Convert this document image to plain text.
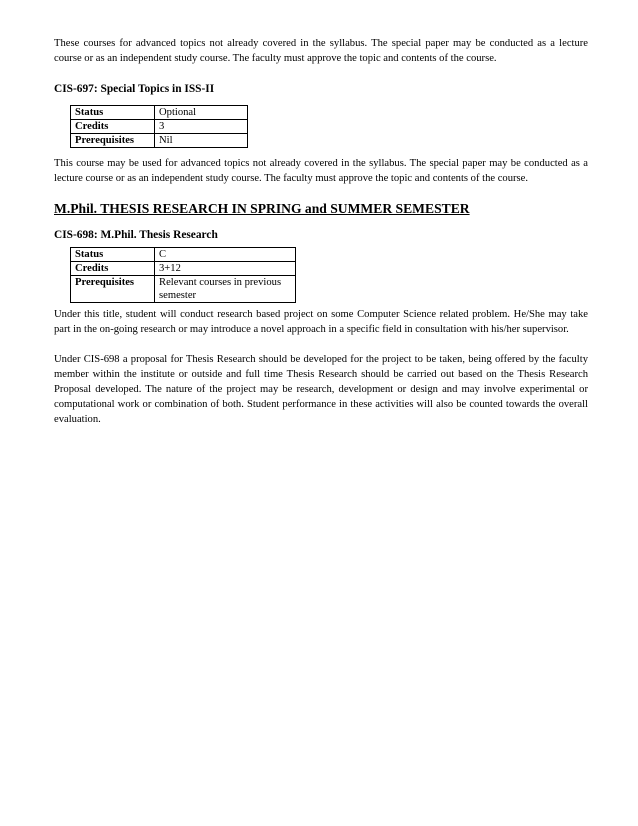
These courses for advanced topics not already covered in the syllabus. The special paper may be conducted as a lecture course or as an independent study course. The faculty must approve the topic and contents of the course.

CIS-697: Special Topics in ISS-II
Status	Optional
Credits	3
Prerequisites	Nil

This course may be used for advanced topics not already covered in the syllabus. The special paper may be conducted as a lecture course or as an independent study course. The faculty must approve the topic and contents of the course.

M.Phil. THESIS RESEARCH IN SPRING and SUMMER SEMESTER
CIS-698: M.Phil. Thesis Research
Status	C
Credits	3+12
Prerequisites	Relevant courses in previous semester

Under this title, student will conduct research based project on some Computer Science related problem. He/She may take part in the on-going research or may introduce a novel approach in a specific field in consultation with his/her supervisor.

Under CIS-698 a proposal for Thesis Research should be developed for the project to be taken, being offered by the faculty member within the institute or outside and full time Thesis Research should be carried out based on the Thesis Research Proposal developed. The nature of the project may be research, development or design and may involve experimental or computational work or combination of both. Student performance in these activities will also be counted towards the overall evaluation.
